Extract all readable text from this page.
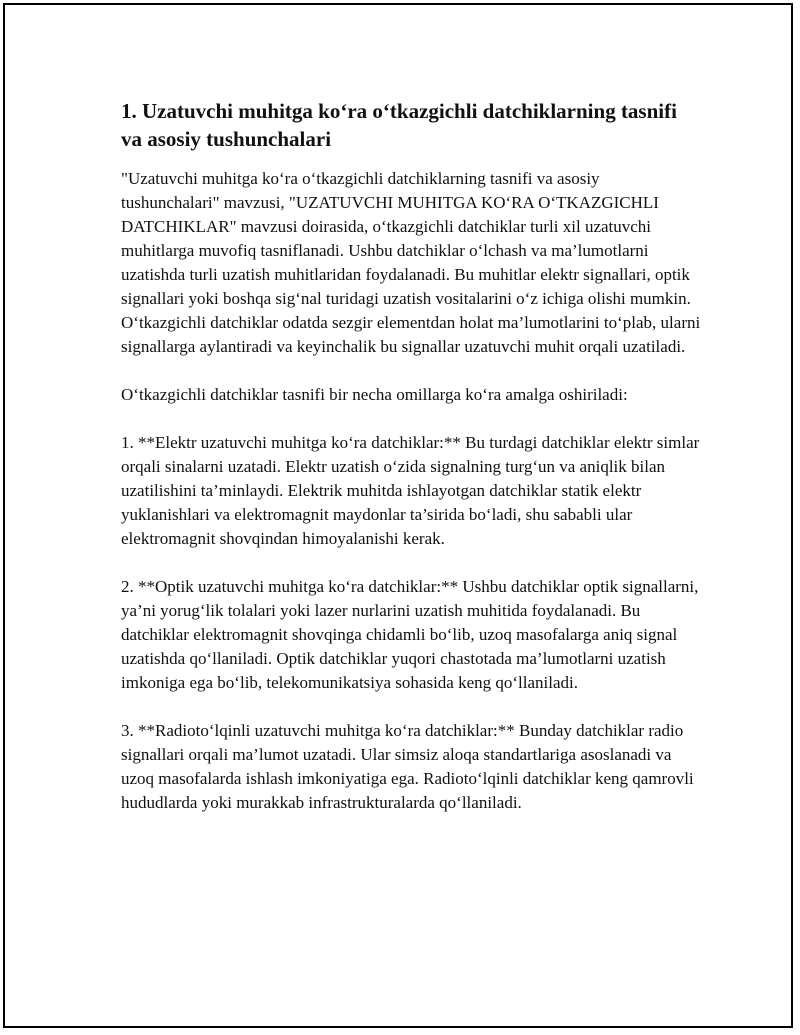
1. Uzatuvchi muhitga ko‘ra o‘tkazgichli datchiklarning tasnifi va asosiy tushunchalari

"Uzatuvchi muhitga ko‘ra o‘tkazgichli datchiklarning tasnifi va asosiy tushunchalari" mavzusi, "UZATUVCHI MUHITGA KO‘RA O‘TKAZGICHLI DATCHIKLAR" mavzusi doirasida, o‘tkazgichli datchiklar turli xil uzatuvchi muhitlarga muvofiq tasniflanadi. Ushbu datchiklar o‘lchash va ma’lumotlarni uzatishda turli uzatish muhitlaridan foydalanadi. Bu muhitlar elektr signallari, optik signallari yoki boshqa sig‘nal turidagi uzatish vositalarini o‘z ichiga olishi mumkin. O‘tkazgichli datchiklar odatda sezgir elementdan holat ma’lumotlarini to‘plab, ularni signallarga aylantiradi va keyinchalik bu signallar uzatuvchi muhit orqali uzatiladi.

O‘tkazgichli datchiklar tasnifi bir necha omillarga ko‘ra amalga oshiriladi:

1. **Elektr uzatuvchi muhitga ko‘ra datchiklar:** Bu turdagi datchiklar elektr simlar orqali sinalarni uzatadi. Elektr uzatish o‘zida signalning turg‘un va aniqlik bilan uzatilishini ta’minlaydi. Elektrik muhitda ishlayotgan datchiklar statik elektr yuklanishlari va elektromagnit maydonlar ta’sirida bo‘ladi, shu sababli ular elektromagnit shovqindan himoyalanishi kerak.

2. **Optik uzatuvchi muhitga ko‘ra datchiklar:** Ushbu datchiklar optik signallarni, ya’ni yorug‘lik tolalari yoki lazer nurlarini uzatish muhitida foydalanadi. Bu datchiklar elektromagnit shovqinga chidamli bo‘lib, uzoq masofalarga aniq signal uzatishda qo‘llaniladi. Optik datchiklar yuqori chastotada ma’lumotlarni uzatish imkoniga ega bo‘lib, telekomunikatsiya sohasida keng qo‘llaniladi.

3. **Radioto‘lqinli uzatuvchi muhitga ko‘ra datchiklar:** Bunday datchiklar radio signallari orqali ma’lumot uzatadi. Ular simsiz aloqa standartlariga asoslanadi va uzoq masofalarda ishlash imkoniyatiga ega. Radioto‘lqinli datchiklar keng qamrovli hududlarda yoki murakkab infrastrukturalarda qo‘llaniladi.
